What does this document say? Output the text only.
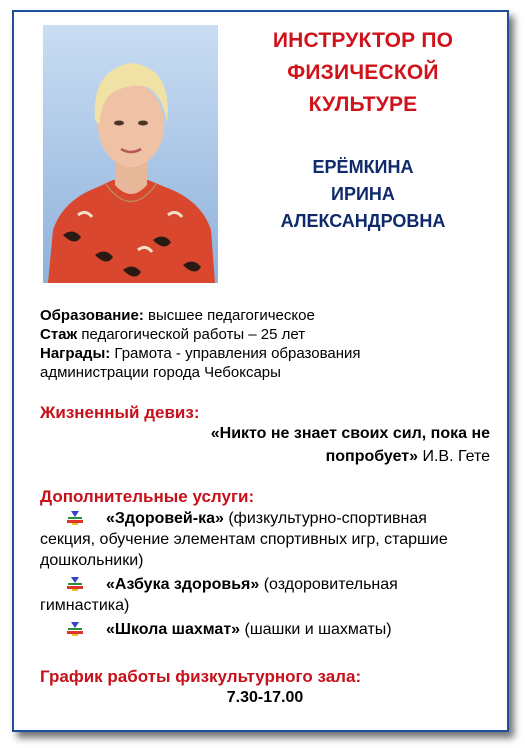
ИНСТРУКТОР ПО
ФИЗИЧЕСКОЙ
КУЛЬТУРЕ
ЕРЁМКИНА
ИРИНА
АЛЕКСАНДРОВНА
Образование: высшее педагогическое
Стаж педагогической работы – 25 лет
Награды: Грамота - управления образования
администрации города Чебоксары
Жизненный девиз:
«Никто не знает своих сил, пока не
попробует» И.В. Гете
Дополнительные услуги:
«Здоровей-ка» (физкультурно-спортивная
секция, обучение элементам спортивных игр, старшие дошкольники)
«Азбука здоровья» (оздоровительная
гимнастика)
«Школа шахмат» (шашки и шахматы)
График работы физкультурного зала:
7.30-17.00
